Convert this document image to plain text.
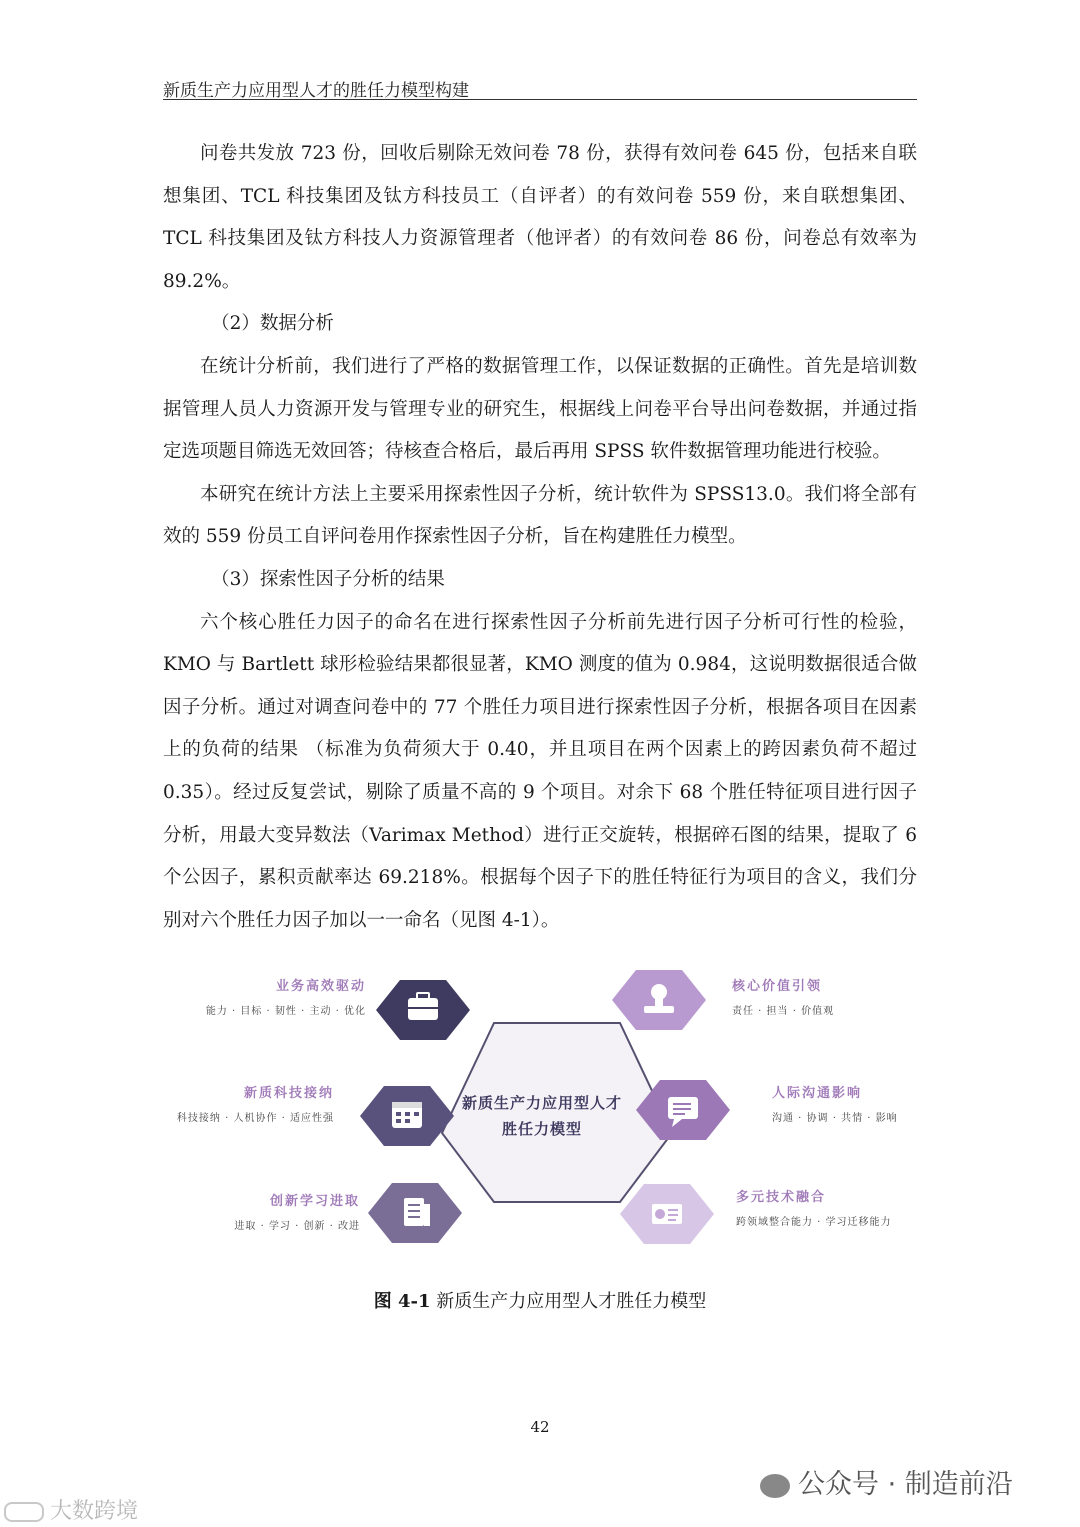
新质生产力应用型人才的胜任力模型构建

问卷共发放 723 份，回收后剔除无效问卷 78 份，获得有效问卷 645 份，包括来自联想集团、TCL 科技集团及钛方科技员工（自评者）的有效问卷 559 份，来自联想集团、TCL 科技集团及钛方科技人力资源管理者（他评者）的有效问卷 86 份，问卷总有效率为 89.2%。

（2）数据分析

在统计分析前，我们进行了严格的数据管理工作，以保证数据的正确性。首先是培训数据管理人员人力资源开发与管理专业的研究生，根据线上问卷平台导出问卷数据，并通过指定选项题目筛选无效回答；待核查合格后，最后再用 SPSS 软件数据管理功能进行校验。

本研究在统计方法上主要采用探索性因子分析，统计软件为 SPSS13.0。我们将全部有效的 559 份员工自评问卷用作探索性因子分析，旨在构建胜任力模型。

（3）探索性因子分析的结果

六个核心胜任力因子的命名在进行探索性因子分析前先进行因子分析可行性的检验，KMO 与 Bartlett 球形检验结果都很显著，KMO 测度的值为 0.984，这说明数据很适合做因子分析。通过对调查问卷中的 77 个胜任力项目进行探索性因子分析，根据各项目在因素上的负荷的结果 （标准为负荷须大于 0.40，并且项目在两个因素上的跨因素负荷不超过 0.35）。经过反复尝试，剔除了质量不高的 9 个项目。对余下 68 个胜任特征项目进行因子分析，用最大变异数法（Varimax Method）进行正交旋转，根据碎石图的结果，提取了 6 个公因子，累积贡献率达 69.218%。根据每个因子下的胜任特征行为项目的含义，我们分别对六个胜任力因子加以一一命名（见图 4-1）。

新质生产力应用型人才
胜任力模型
业务高效驱动
能力 · 目标 · 韧性 · 主动 · 优化
新质科技接纳
科技接纳 · 人机协作 · 适应性强
创新学习进取
进取 · 学习 · 创新 · 改进
核心价值引领
责任 · 担当 · 价值观
人际沟通影响
沟通 · 协调 · 共情 · 影响
多元技术融合
跨领域整合能力 · 学习迁移能力
图 4-1 新质生产力应用型人才胜任力模型
42
公众号 · 制造前沿
大数跨境
